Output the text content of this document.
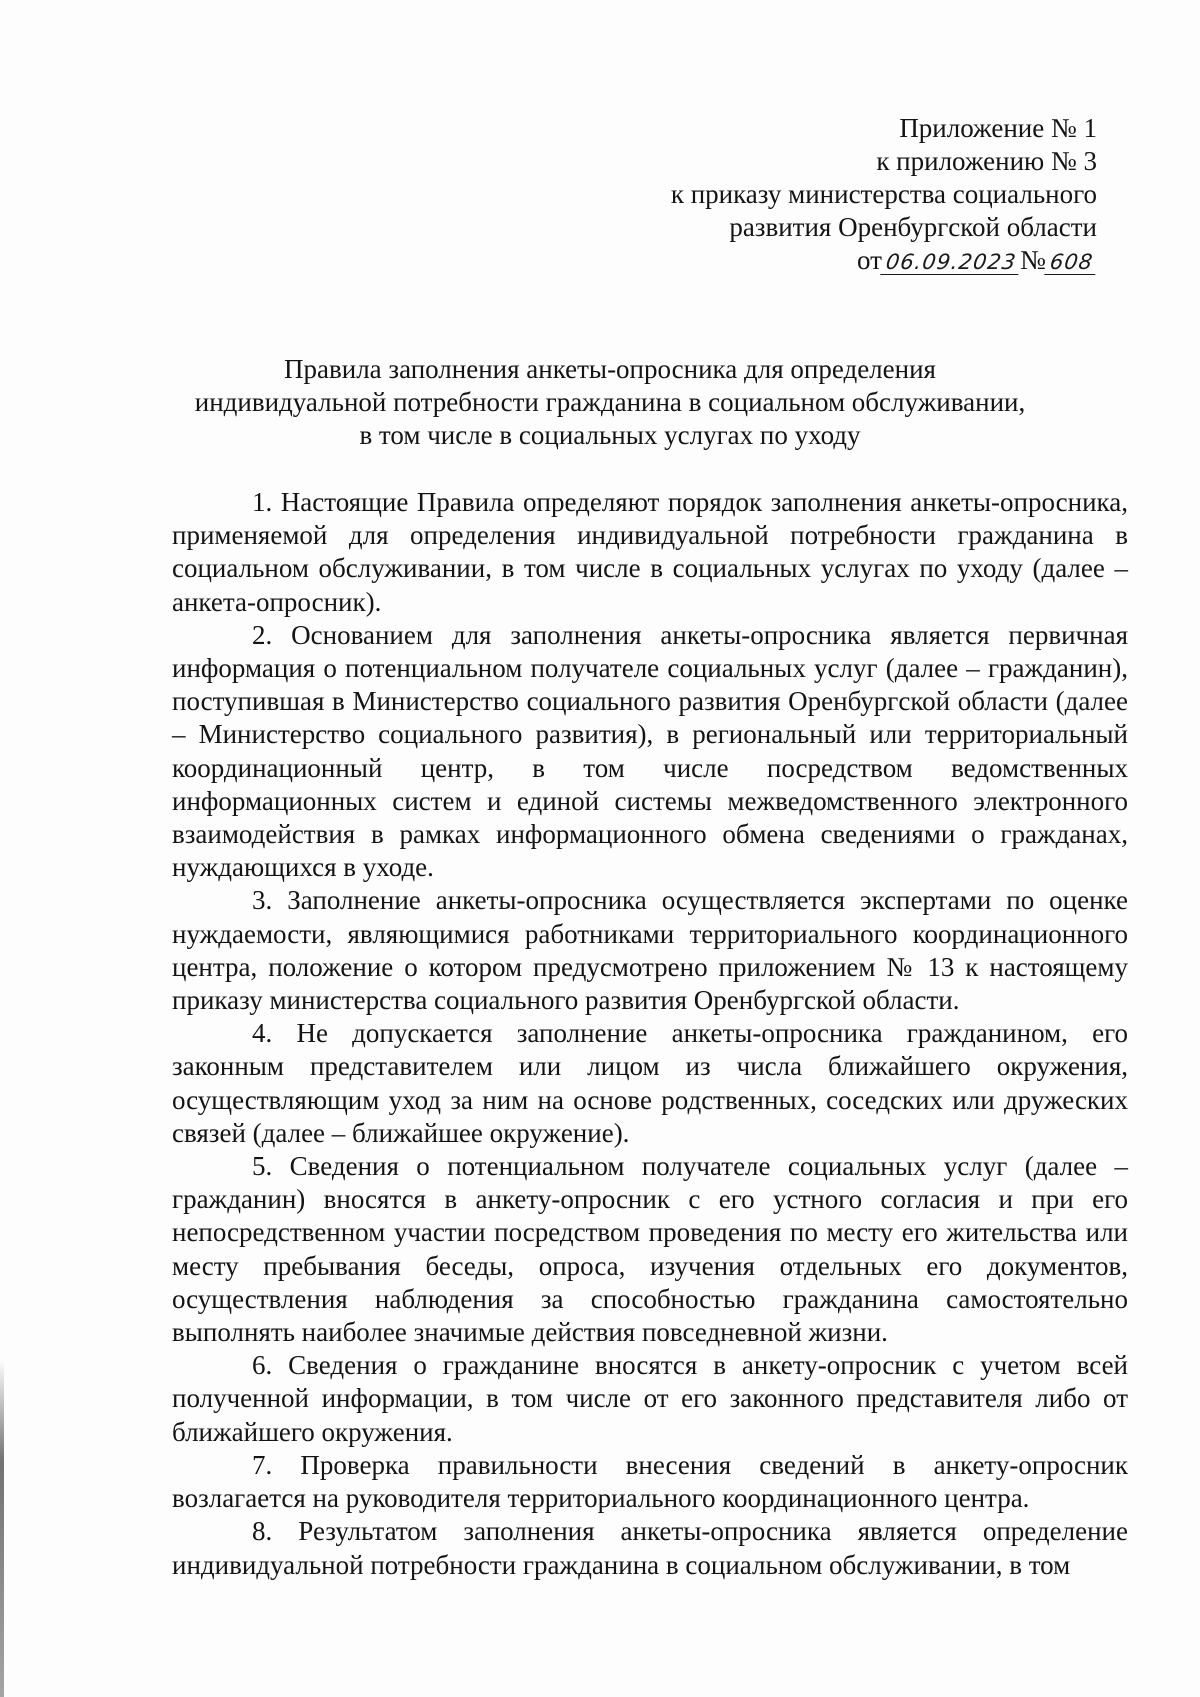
Приложение № 1
к приложению № 3
к приказу министерства социального
развития Оренбургской области
от 06.09.2023№ 608
Правила заполнения анкеты-опросника для определения
индивидуальной потребности гражданина в социальном обслуживании,
в том числе в социальных услугах по уходу

1. Настоящие Правила определяют порядок заполнения анкеты-опросника, применяемой для определения индивидуальной потребности гражданина в социальном обслуживании, в том числе в социальных услугах по уходу (далее – анкета-опросник).

2. Основанием для заполнения анкеты-опросника является первичная информация о потенциальном получателе социальных услуг (далее – гражданин), поступившая в Министерство социального развития Оренбургской области (далее – Министерство социального развития), в региональный или территориальный координационный центр, в том числе посредством ведомственных информационных систем и единой системы межведомственного электронного взаимодействия в рамках информационного обмена сведениями о гражданах, нуждающихся в уходе.

3. Заполнение анкеты-опросника осуществляется экспертами по оценке нуждаемости, являющимися работниками территориального координационного центра, положение о котором предусмотрено приложением № 13 к настоящему приказу министерства социального развития Оренбургской области.

4. Не допускается заполнение анкеты-опросника гражданином, его законным представителем или лицом из числа ближайшего окружения, осуществляющим уход за ним на основе родственных, соседских или дружеских связей (далее – ближайшее окружение).

5. Сведения о потенциальном получателе социальных услуг (далее – гражданин) вносятся в анкету-опросник с его устного согласия и при его непосредственном участии посредством проведения по месту его жительства или месту пребывания беседы, опроса, изучения отдельных его документов, осуществления наблюдения за способностью гражданина самостоятельно выполнять наиболее значимые действия повседневной жизни.

6. Сведения о гражданине вносятся в анкету-опросник с учетом всей полученной информации, в том числе от его законного представителя либо от ближайшего окружения.

7. Проверка правильности внесения сведений в анкету-опросник возлагается на руководителя территориального координационного центра.

8. Результатом заполнения анкеты-опросника является определение индивидуальной потребности гражданина в социальном обслуживании, в том
